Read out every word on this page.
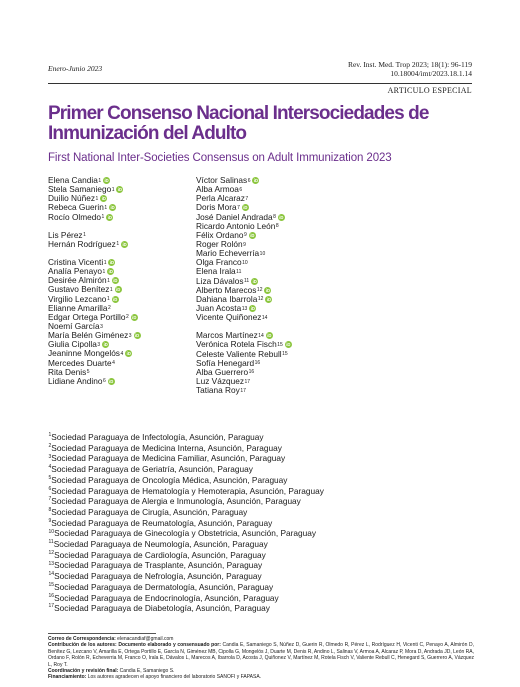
Enero-Junio 2023	Rev. Inst. Med. Trop 2023; 18(1): 96-119
10.18004/imt/2023.18.1.14
ARTICULO ESPECIAL
Primer Consenso Nacional Intersociedades de Inmunización del Adulto
First National Inter-Societies Consensus on Adult Immunization 2023
Elena Candia 1 iD
Stela Samaniego 1 iD
Duilio Núñez 1 iD
Rebeca Guerin 1 iD
Rocío Olmedo 1 iD
Lis Pérez 1
Hernán Rodríguez 1 iD
Cristina Vicenti 1 iD
Analía Penayo 1 iD
Desirée Almirón 1 iD
Gustavo Benítez 1 iD
Virgilio Lezcano 1 iD
Elianne Amarilla 2
Edgar Ortega Portillo 2 iD
Noemí García 3
María Belén Giménez 3 iD
Giulia Cipolla 3 iD
Jeaninne Mongelós 4 iD
Mercedes Duarte 4
Rita Denis 5
Lidiane Andino 6 iD
Víctor Salinas 6 iD
Alba Armoa 6
Perla Alcaraz 7
Doris Mora 7 iD
José Daniel Andrada 8 iD
Ricardo Antonio León 8
Félix Ordano 9 iD
Roger Rolón 9
Mario Echeverría 10
Olga Franco 10
Elena Irala 11
Liza Dávalos 11 iD
Alberto Marecos 12 iD
Dahiana Ibarrola 12 iD
Juan Acosta 13 iD
Vicente Quiñonez 14
Marcos Martínez 14 iD
Verónica Rotela Fisch 15 iD
Celeste Valiente Rebull 15
Sofía Henegard 16
Alba Guerrero 16
Luz Vázquez 17
Tatiana Roy 17
$^1$Sociedad Paraguaya de Infectología, Asunción, Paraguay
$^2$Sociedad Paraguaya de Medicina Interna, Asunción, Paraguay
$^3$Sociedad Paraguaya de Medicina Familiar, Asunción, Paraguay
$^4$Sociedad Paraguaya de Geriatría, Asunción, Paraguay
$^5$Sociedad Paraguaya de Oncología Médica, Asunción, Paraguay
$^6$Sociedad Paraguaya de Hematología y Hemoterapia, Asunción, Paraguay
$^7$Sociedad Paraguaya de Alergia e Inmunología, Asunción, Paraguay
$^8$Sociedad Paraguaya de Cirugía, Asunción, Paraguay
$^9$Sociedad Paraguaya de Reumatología, Asunción, Paraguay
$^{10}$Sociedad Paraguaya de Ginecología y Obstetricia, Asunción, Paraguay
$^{11}$Sociedad Paraguaya de Neumología, Asunción, Paraguay
$^{12}$Sociedad Paraguaya de Cardiología, Asunción, Paraguay
$^{13}$Sociedad Paraguaya de Trasplante, Asunción, Paraguay
$^{14}$Sociedad Paraguaya de Nefrología, Asunción, Paraguay
$^{15}$Sociedad Paraguaya de Dermatología, Asunción, Paraguay
$^{16}$Sociedad Paraguaya de Endocrinología, Asunción, Paraguay
$^{17}$Sociedad Paraguaya de Diabetología, Asunción, Paraguay
Correo de Correspondencia: elenacandiaf@gmail.com
Contribución de los autores: Documento elaborado y consensuado por: Candia E, Samaniego S, Núñez D, Guerin R, Olmedo R, Pérez L, Rodríguez H, Vicenti C, Penayo A, Almirón D, Benítez G, Lezcano V, Amarilla E, Ortega Portillo E, García N, Giménez MB, Cipolla G, Mongelós J, Duarte M, Denis R, Andino L, Salinas V, Armoa A, Alcaraz P, Mora D, Andrada JD, León RA, Ordano F, Rolón R, Echeverria M, Franco O, Irala E, Dávalos L, Marecos A, Ibarrola D, Acosta J, Quiñonez V, Martínez M, Rotela Fisch V, Valiente Rebull C, Henegard S, Guerrero A, Vázquez L, Roy T.
Coordinación y revisión final: Candia E, Samaniego S.
Financiamiento: Los autores agradecen el apoyo financiero del laboratorio SANOFI y FAPASA.
